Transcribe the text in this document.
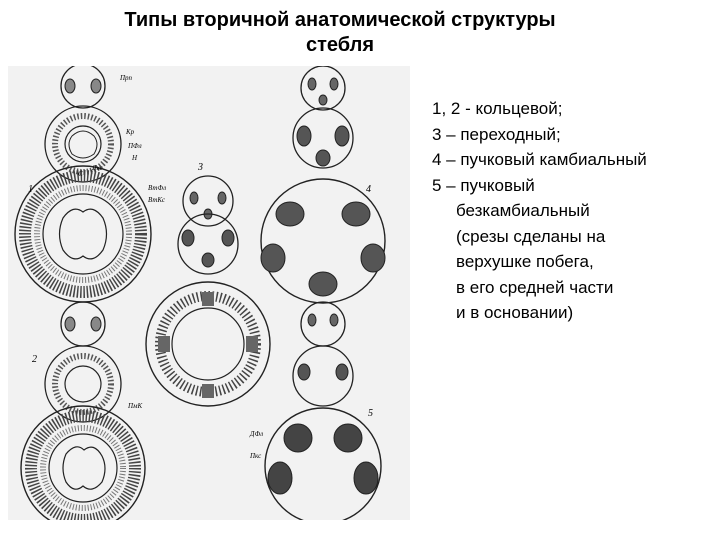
Типы вторичной анатомической структуры
стебля
1
2
3
4
5
Прп
Кр
ПФл
Н
С
Дкс
ВтФл
ВтКс
ПмК
Пкс
ДФл
1, 2 - кольцевой;
3 – переходный;
4 – пучковый камбиальный
5 – пучковый
безкамбиальный
(срезы сделаны на
верхушке побега,
в его средней части
и в основании)
